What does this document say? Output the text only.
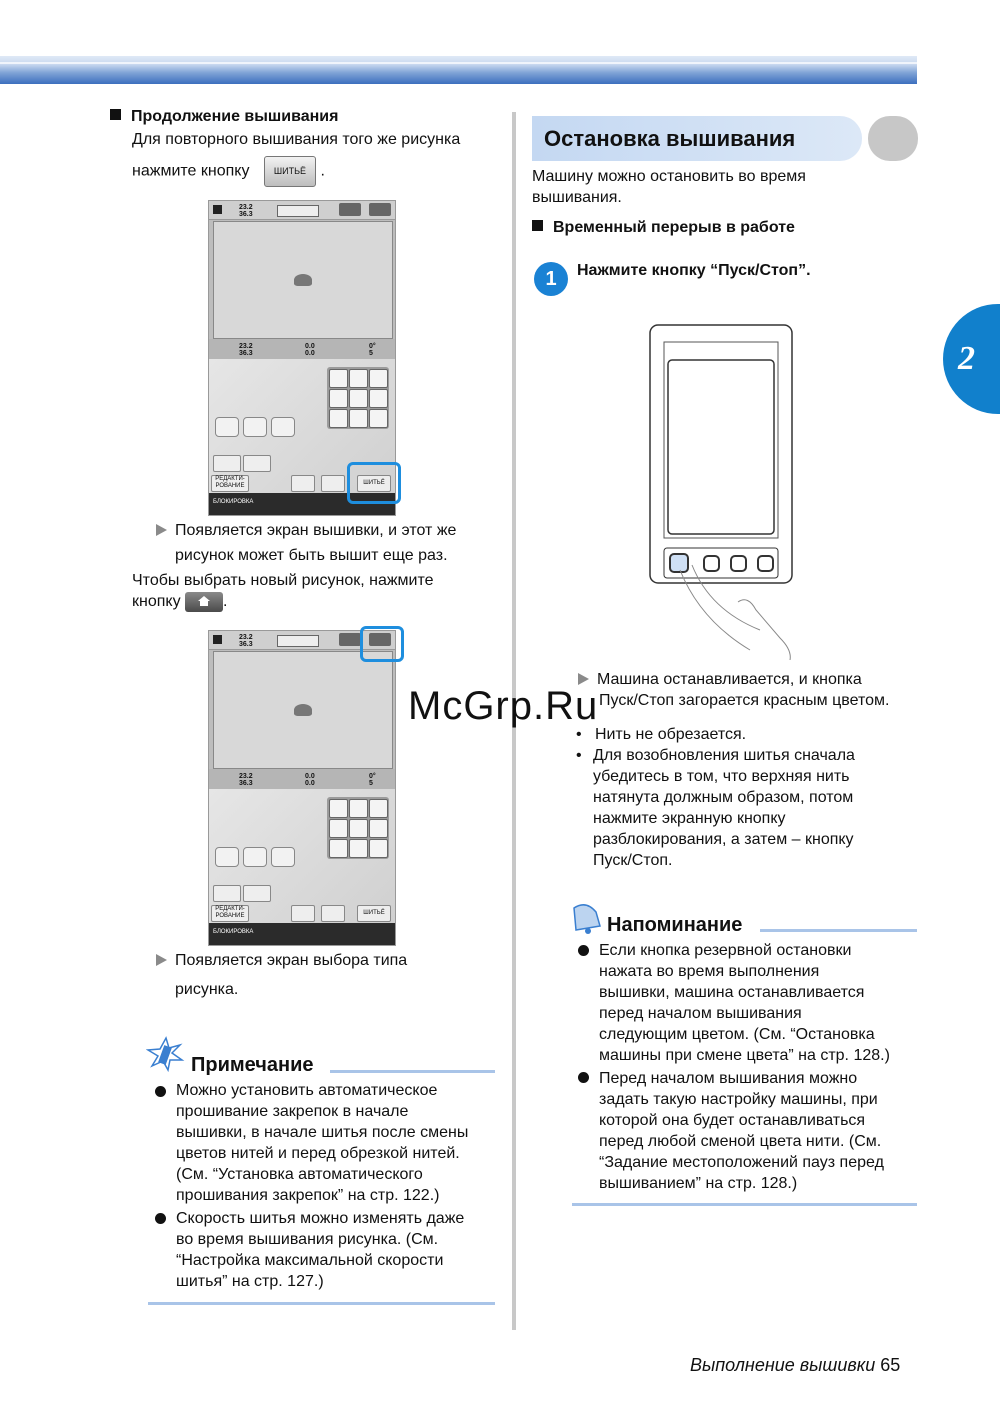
Продолжение вышивания
Для повторного вышивания того же рисунка
нажмите кнопку	ШИТЬЁ .
23.2
36.3
23.2
36.3
0.0
0.0
0°
5
РЕДАКТИ-
РОВАНИЕ	ШИТЬЁ
БЛОКИРОВКА
Появляется экран вышивки, и этот же
рисунок может быть вышит еще раз.
Чтобы выбрать новый рисунок, нажмите
кнопку	.
23.2
36.3
23.2
36.3
0.0
0.0
0°
5
РЕДАКТИ-
РОВАНИЕ	ШИТЬЁ
БЛОКИРОВКА
Появляется экран выбора типа
рисунка.
Примечание
Можно установить автоматическое
прошивание закрепок в начале
вышивки, в начале шитья после смены
цветов нитей и перед обрезкой нитей.
(См. “Установка автоматического
прошивания закрепок” на стр. 122.)
Скорость шитья можно изменять даже
во время вышивания рисунка. (См.
“Настройка максимальной скорости
шитья” на стр. 127.)
Остановка вышивания
Машину можно остановить во время
вышивания.
Временный перерыв в работе
1	Нажмите кнопку “Пуск/Стоп”.
Машина останавливается, и кнопка
Пуск/Стоп загорается красным цветом.
•   Нить не обрезается.
• Для возобновления шитья сначала
убедитесь в том, что верхняя нить
натянута должным образом, потом
нажмите экранную кнопку
разблокирования, а затем – кнопку
Пуск/Стоп.
Напоминание
Если кнопка резервной остановки
нажата во время выполнения
вышивки, машина останавливается
перед началом вышивания
следующим цветом. (См. “Остановка
машины при смене цвета” на стр. 128.)
Перед началом вышивания можно
задать такую настройку машины, при
которой она будет останавливаться
перед любой сменой цвета нити. (См.
“Задание местоположений пауз перед
вышиванием” на стр. 128.)
2
McGrp.Ru
Выполнение вышивки 65
